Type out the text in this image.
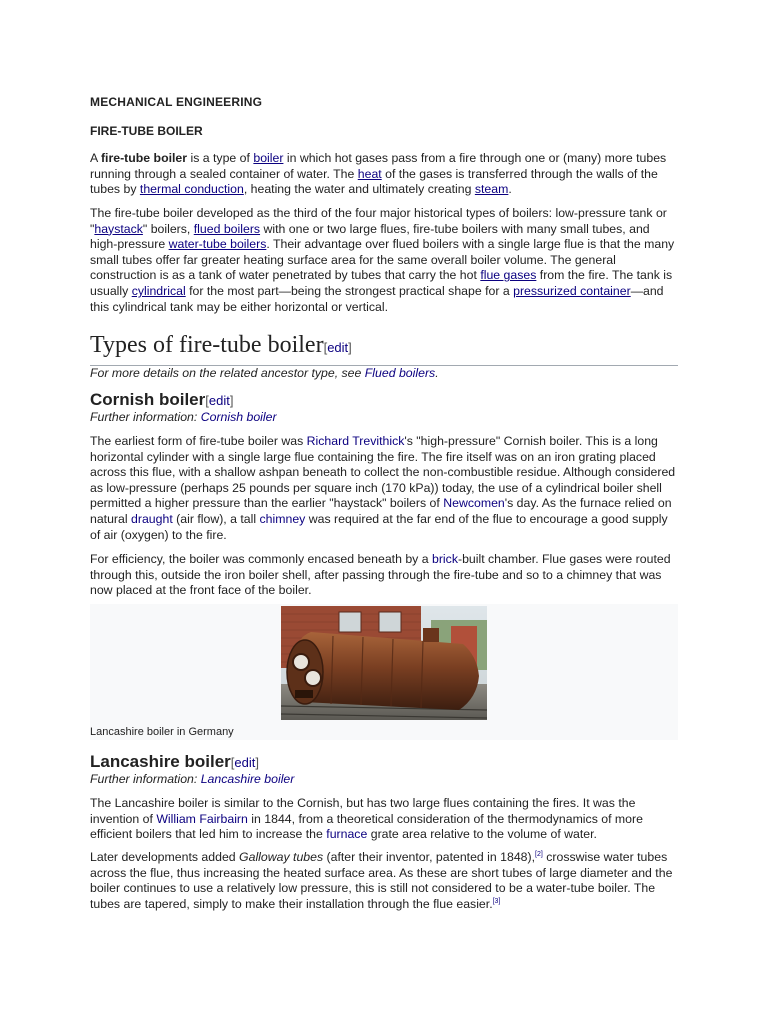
MECHANICAL ENGINEERING
FIRE-TUBE BOILER

A fire-tube boiler is a type of boiler in which hot gases pass from a fire through one or (many) more tubes running through a sealed container of water. The heat of the gases is transferred through the walls of the tubes by thermal conduction, heating the water and ultimately creating steam.

The fire-tube boiler developed as the third of the four major historical types of boilers: low-pressure tank or "haystack" boilers, flued boilers with one or two large flues, fire-tube boilers with many small tubes, and high-pressure water-tube boilers. Their advantage over flued boilers with a single large flue is that the many small tubes offer far greater heating surface area for the same overall boiler volume. The general construction is as a tank of water penetrated by tubes that carry the hot flue gases from the fire. The tank is usually cylindrical for the most part—being the strongest practical shape for a pressurized container—and this cylindrical tank may be either horizontal or vertical.

Types of fire-tube boiler[edit]
For more details on the related ancestor type, see Flued boilers.
Cornish boiler[edit]
Further information: Cornish boiler

The earliest form of fire-tube boiler was Richard Trevithick's "high-pressure" Cornish boiler. This is a long horizontal cylinder with a single large flue containing the fire. The fire itself was on an iron grating placed across this flue, with a shallow ashpan beneath to collect the non-combustible residue. Although considered as low-pressure (perhaps 25 pounds per square inch (170 kPa)) today, the use of a cylindrical boiler shell permitted a higher pressure than the earlier "haystack" boilers of Newcomen's day. As the furnace relied on natural draught (air flow), a tall chimney was required at the far end of the flue to encourage a good supply of air (oxygen) to the fire.

For efficiency, the boiler was commonly encased beneath by a brick-built chamber. Flue gases were routed through this, outside the iron boiler shell, after passing through the fire-tube and so to a chimney that was now placed at the front face of the boiler.

Lancashire boiler in Germany
Lancashire boiler[edit]
Further information: Lancashire boiler

The Lancashire boiler is similar to the Cornish, but has two large flues containing the fires. It was the invention of William Fairbairn in 1844, from a theoretical consideration of the thermodynamics of more efficient boilers that led him to increase the furnace grate area relative to the volume of water.

Later developments added Galloway tubes (after their inventor, patented in 1848),[2] crosswise water tubes across the flue, thus increasing the heated surface area. As these are short tubes of large diameter and the boiler continues to use a relatively low pressure, this is still not considered to be a water-tube boiler. The tubes are tapered, simply to make their installation through the flue easier.[3]
